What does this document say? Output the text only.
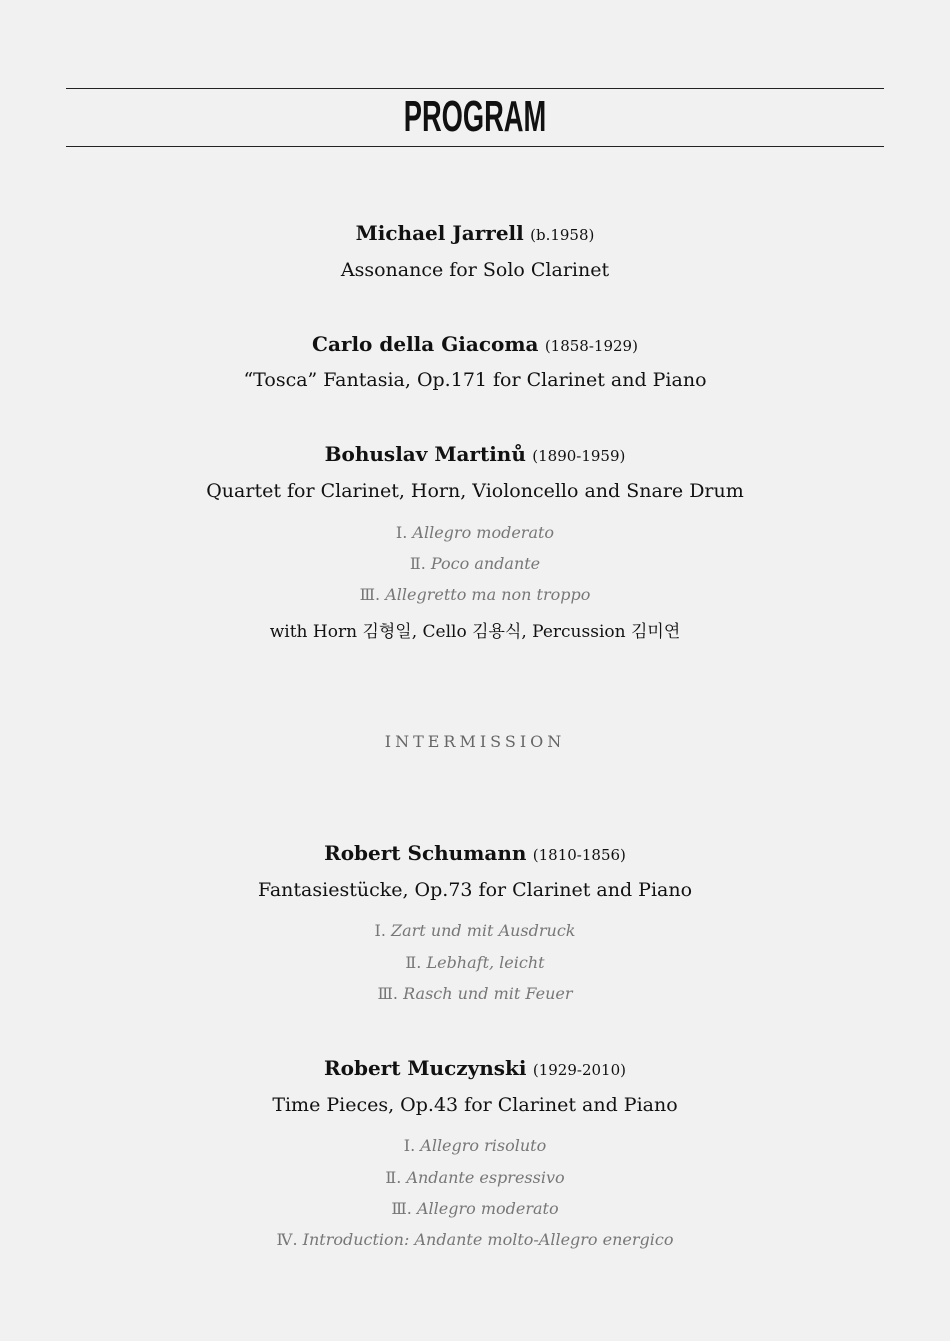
PROGRAM
Michael Jarrell (b.1958)
Assonance for Solo Clarinet
Carlo della Giacoma (1858-1929)
“Tosca” Fantasia, Op.171 for Clarinet and Piano
Bohuslav Martinů (1890-1959)
Quartet for Clarinet, Horn, Violoncello and Snare Drum
Ⅰ. Allegro moderato
Ⅱ. Poco andante
Ⅲ. Allegretto ma non troppo
with Horn 김형일, Cello 김용식, Percussion 김미연
INTERMISSION
Robert Schumann (1810-1856)
Fantasiestücke, Op.73 for Clarinet and Piano
Ⅰ. Zart und mit Ausdruck
Ⅱ. Lebhaft, leicht
Ⅲ. Rasch und mit Feuer
Robert Muczynski (1929-2010)
Time Pieces, Op.43 for Clarinet and Piano
Ⅰ. Allegro risoluto
Ⅱ. Andante espressivo
Ⅲ. Allegro moderato
Ⅳ. Introduction: Andante molto-Allegro energico
